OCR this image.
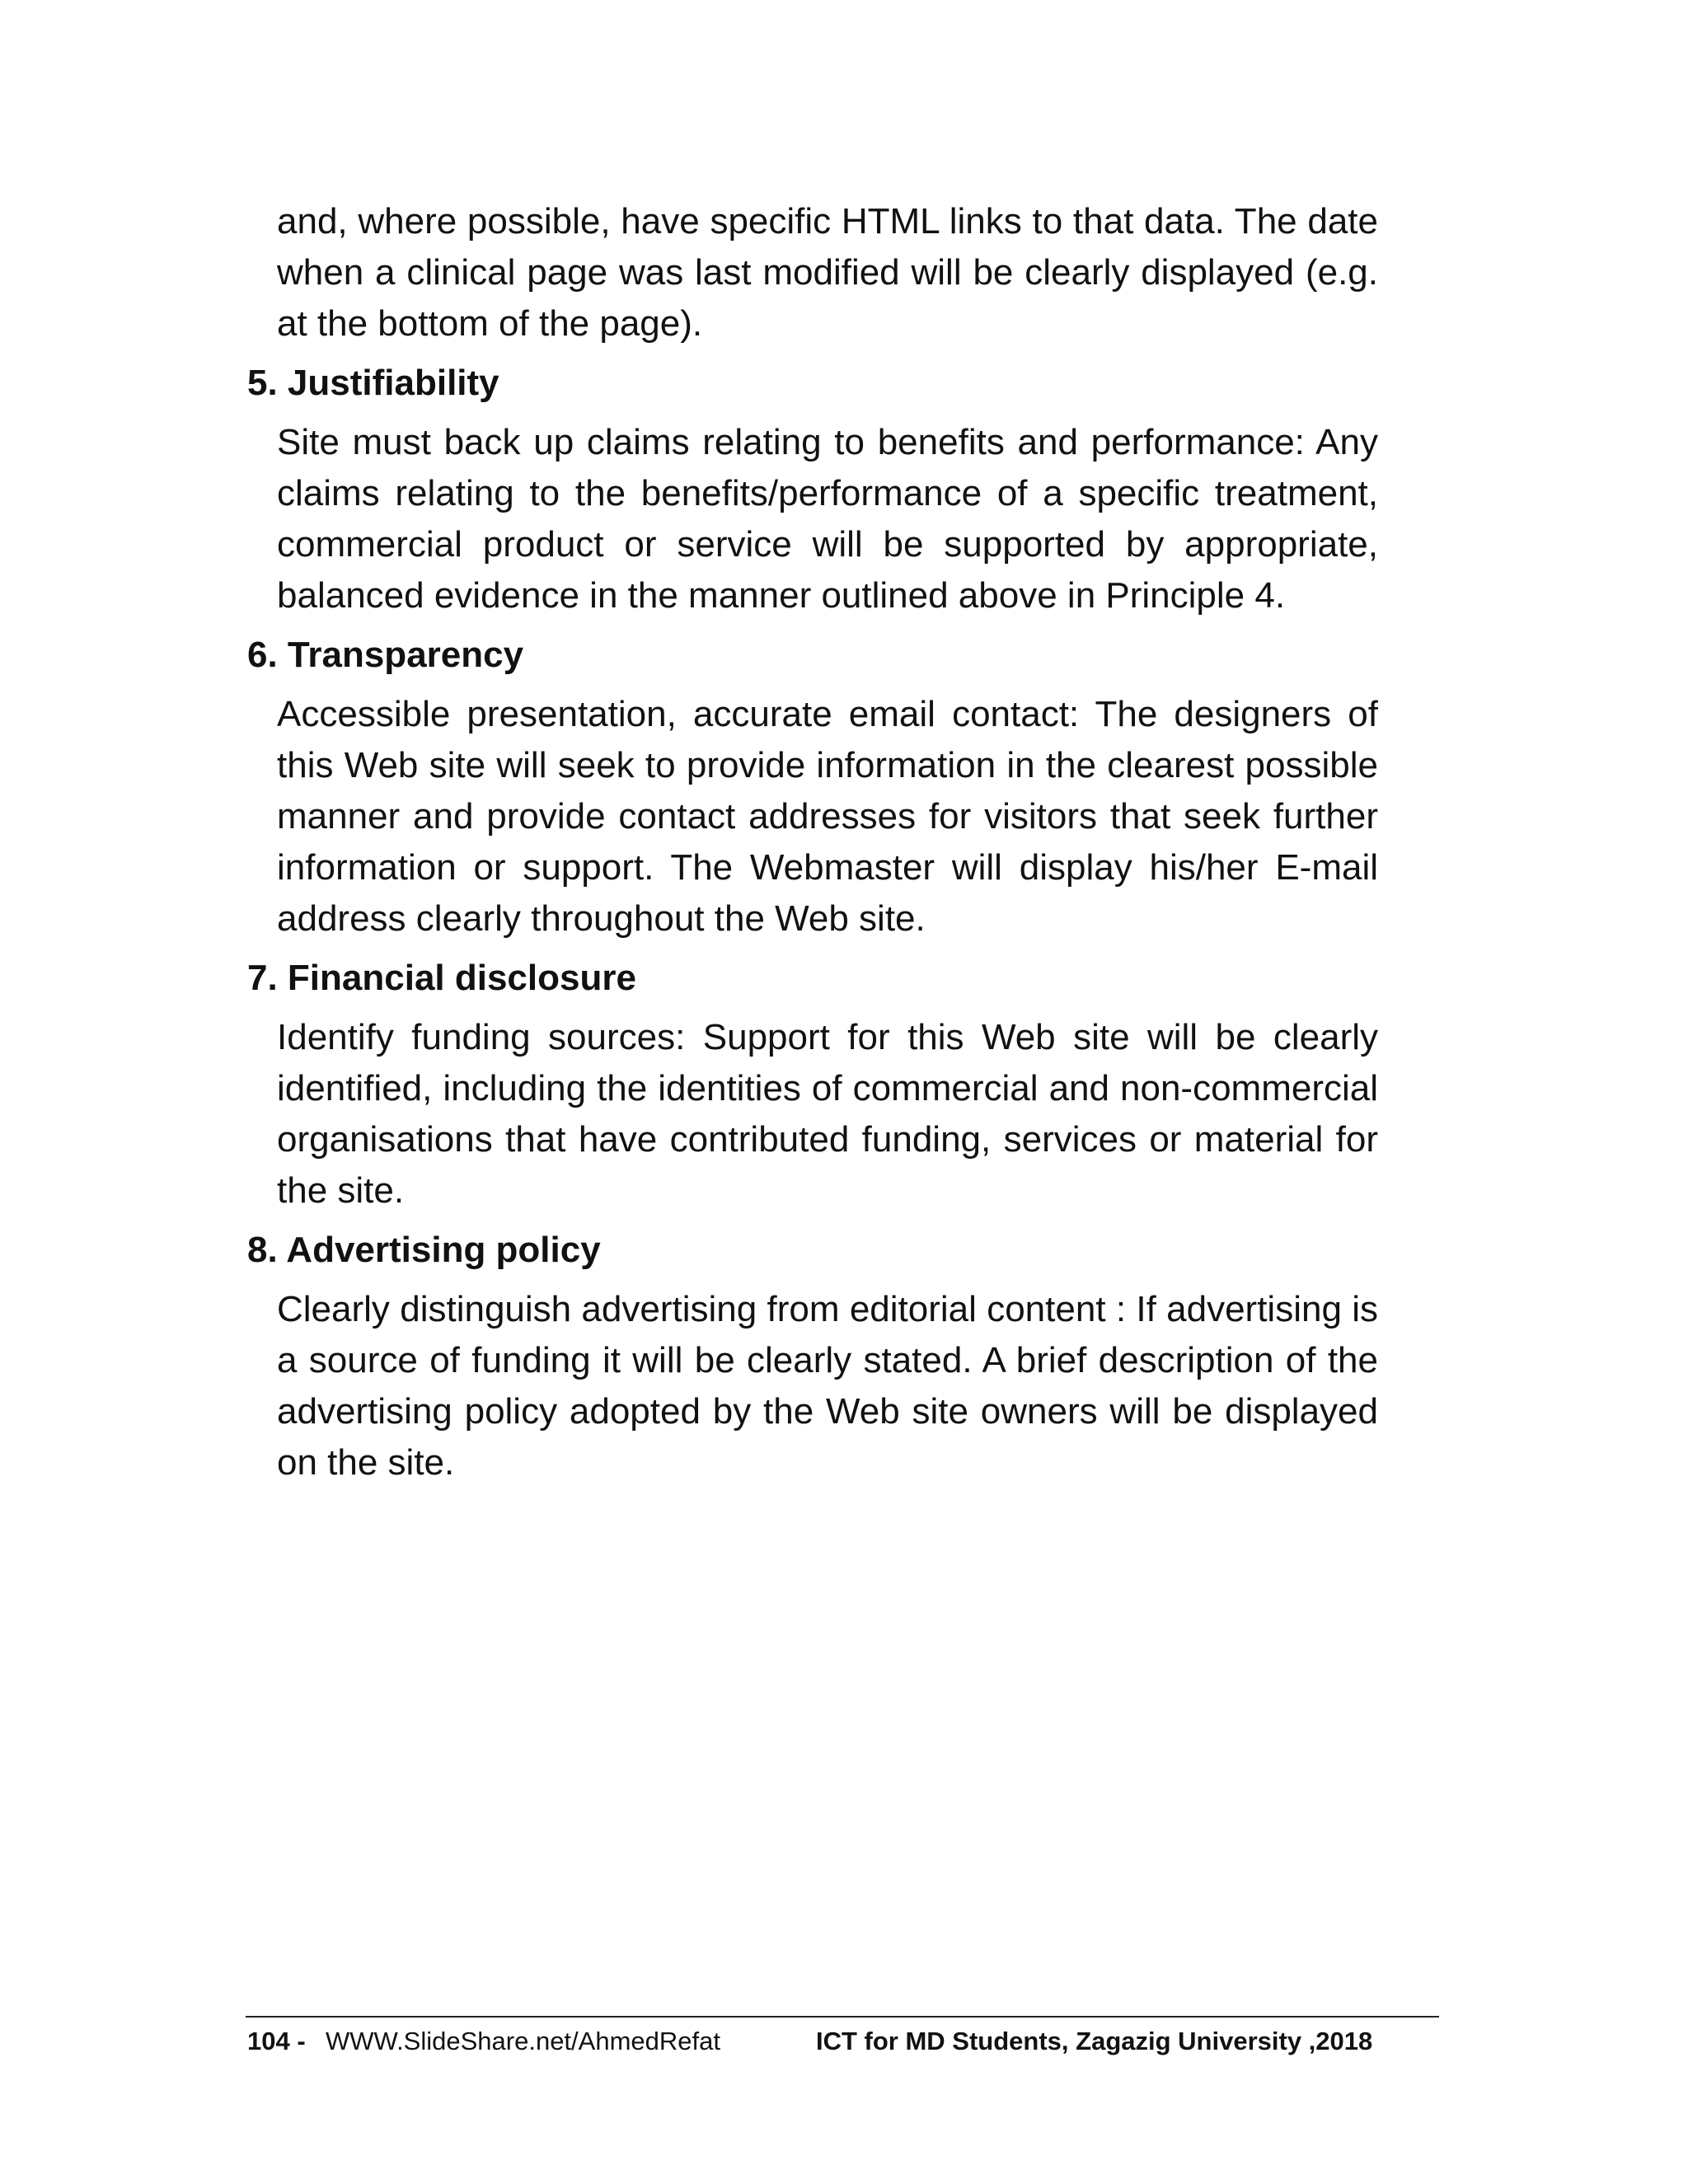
and, where possible, have specific HTML links to that data. The date when a clinical page was last modified will be clearly displayed (e.g. at the bottom of the page).

5. Justifiability

Site must back up claims relating to benefits and performance: Any claims relating to the benefits/performance of a specific treatment, commercial product or service will be supported by appropriate, balanced evidence in the manner outlined above in Principle 4.

6. Transparency

Accessible presentation, accurate email contact: The designers of this Web site will seek to provide information in the clearest possible manner and provide contact addresses for visitors that seek further information or support. The Webmaster will display his/her E-mail address clearly throughout the Web site.

7. Financial disclosure

Identify funding sources: Support for this Web site will be clearly identified, including the identities of commercial and non-commercial organisations that have contributed funding, services or material for the site.

8. Advertising policy

Clearly distinguish advertising from editorial content : If advertising is a source of funding it will be clearly stated. A brief description of the advertising policy adopted by the Web site owners will be displayed on the site.

104 - WWW.SlideShare.net/AhmedRefat	ICT for MD Students, Zagazig University ,2018
